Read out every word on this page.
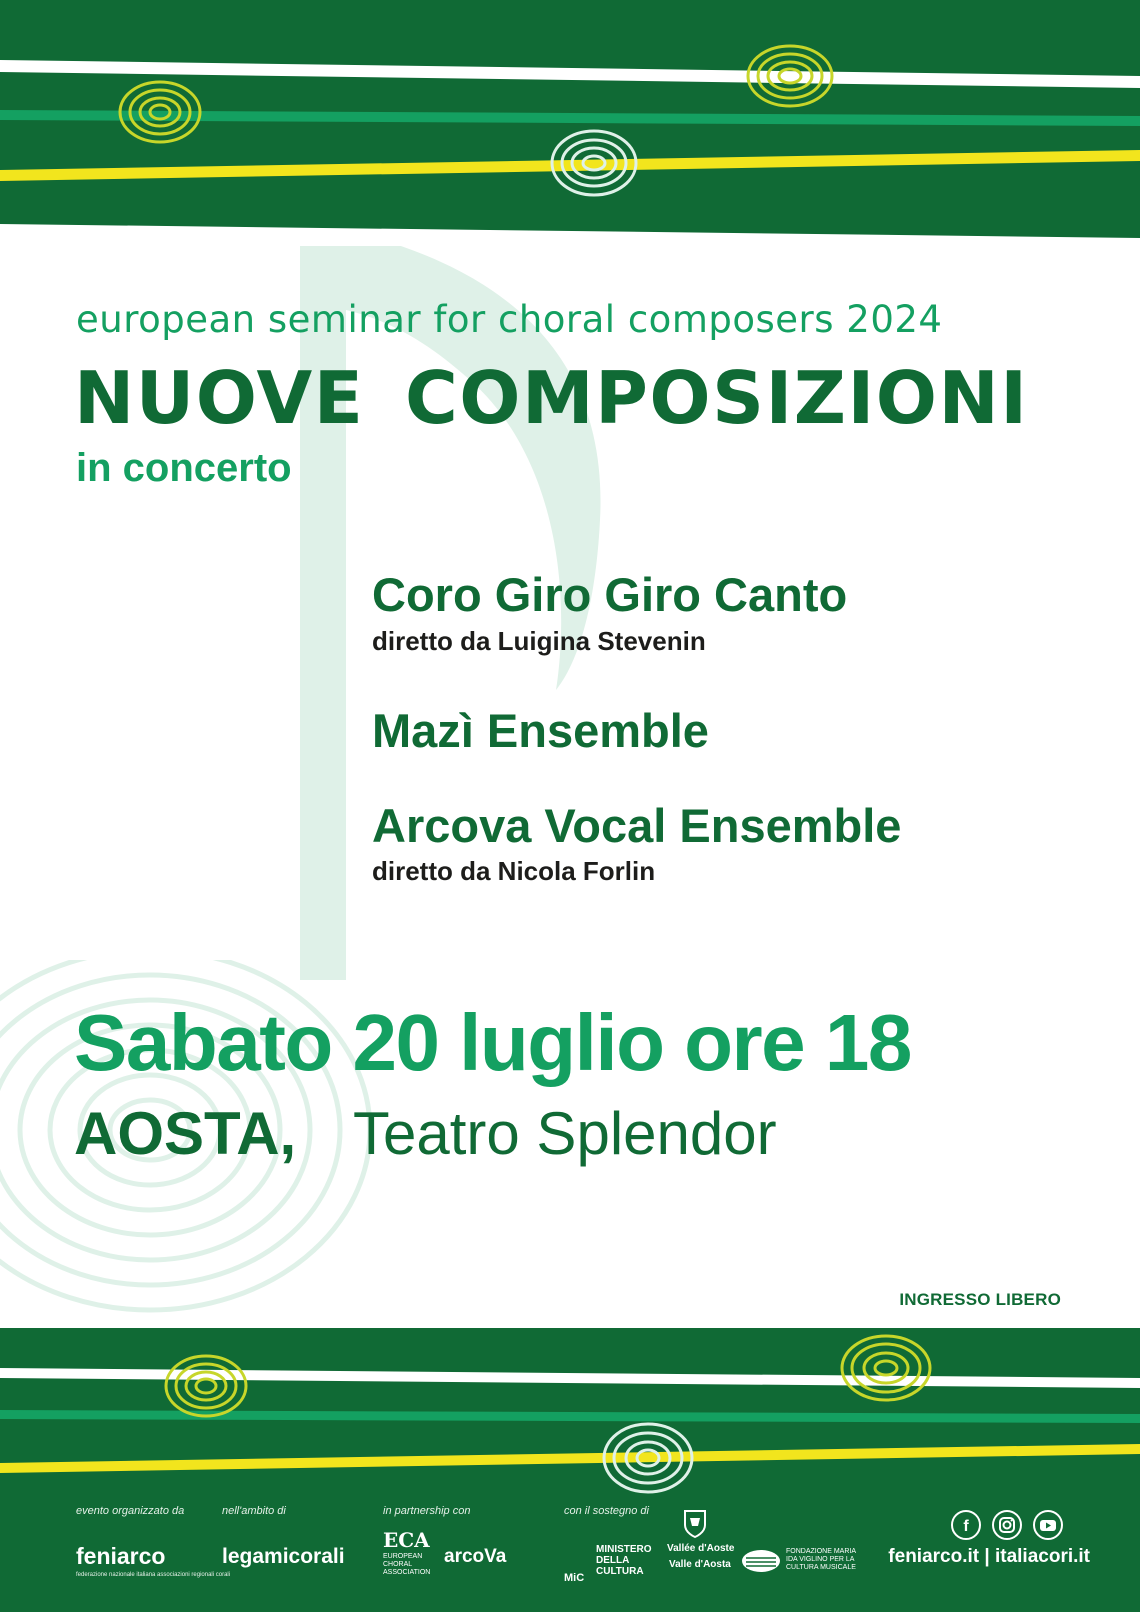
european seminar for choral composers 2024
NUOVE COMPOSIZIONI
in concerto
Coro Giro Giro Canto
diretto da Luigina Stevenin
Mazì Ensemble
Arcova Vocal Ensemble
diretto da Nicola Forlin
Sabato 20 luglio ore 18
AOSTA, Teatro Splendor
INGRESSO LIBERO
evento organizzato da	nell'ambito di	in partnership con	con il sostegno di
feniarco
federazione nazionale italiana associazioni regionali corali
legamicorali
ECA
EUROPEAN CHORAL ASSOCIATION
arcoVa
MiC
MINISTERO DELLA CULTURA
Vallée d'Aoste
Valle d'Aosta
FONDAZIONE MARIA IDA VIGLINO PER LA CULTURA MUSICALE
f
feniarco.it | italiacori.it
